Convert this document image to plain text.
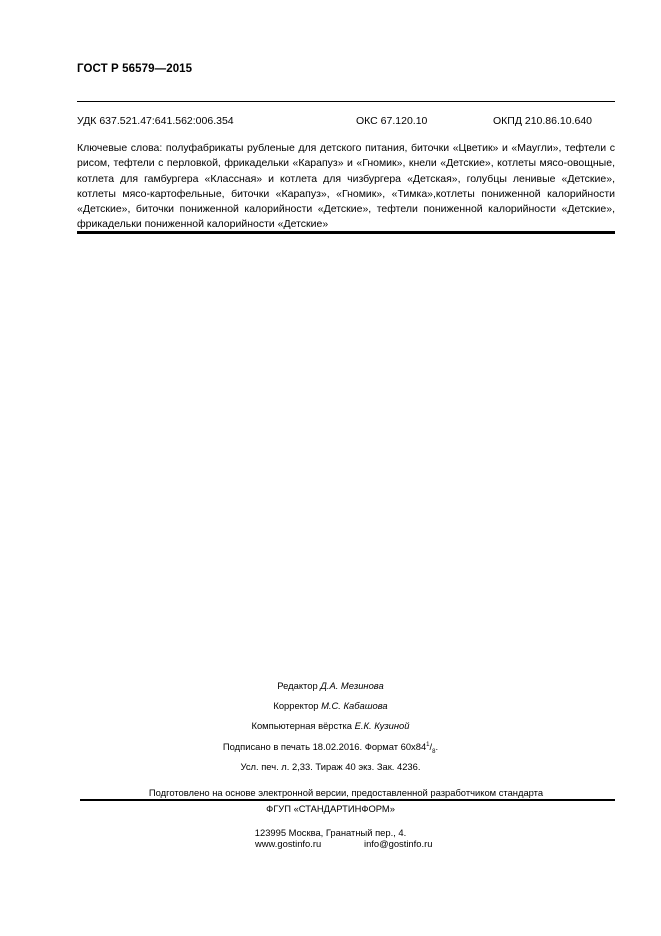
ГОСТ Р 56579—2015
УДК 637.521.47:641.562:006.354	ОКС 67.120.10	ОКПД 210.86.10.640

Ключевые слова: полуфабрикаты рубленые для детского питания, биточки «Цветик» и «Маугли», тефтели с рисом, тефтели с перловкой, фрикадельки «Карапуз» и «Гномик», кнели «Детские», котлеты мясо-овощные, котлета для гамбургера «Классная» и котлета для чизбургера «Детская», голубцы ленивые «Детские», котлеты мясо-картофельные, биточки «Карапуз», «Гномик», «Тимка»,котлеты пониженной калорийности «Детские», биточки пониженной калорийности «Детские», тефтели пониженной калорийности «Детские», фрикадельки пониженной калорийности «Детские»

Редактор Д.А. Мезинова
Корректор М.С. Кабашова
Компьютерная вёрстка Е.К. Кузиной
Подписано в печать 18.02.2016. Формат $60х84^1/_8$.
Усл. печ. л. 2,33. Тираж 40 экз. Зак. 4236.
Подготовлено на основе электронной версии, предоставленной разработчиком стандарта
ФГУП «СТАНДАРТИНФОРМ»
123995 Москва, Гранатный пер., 4.
www.gostinfo.ru	info@gostinfo.ru
